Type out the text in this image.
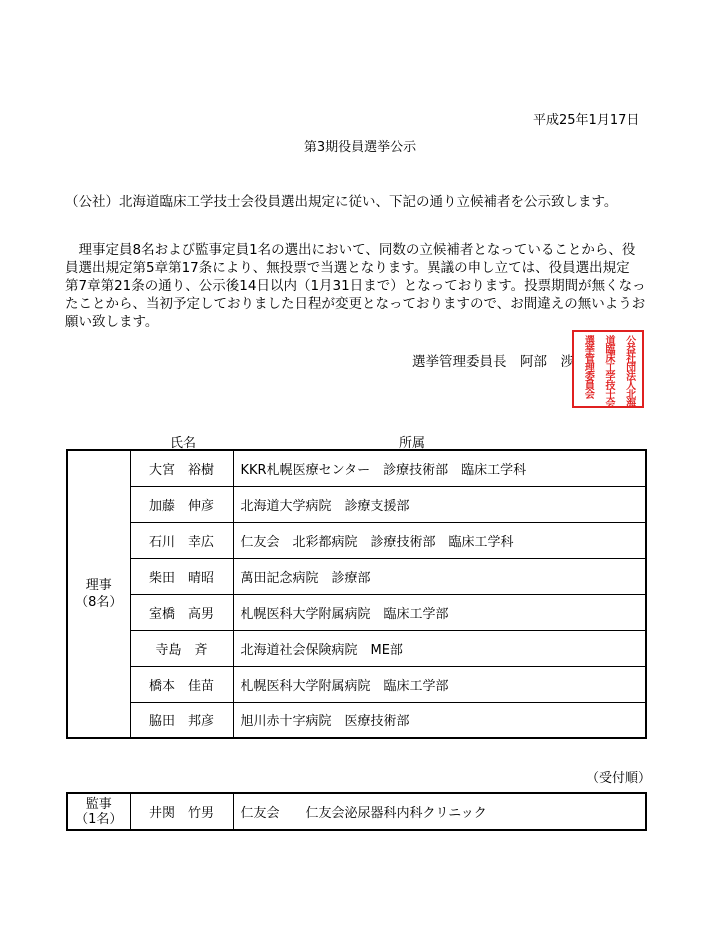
平成25年1月17日
第3期役員選挙公示
（公社）北海道臨床工学技士会役員選出規定に従い、下記の通り立候補者を公示致します。
　理事定員8名および監事定員1名の選出において、同数の立候補者となっていることから、役
員選出規定第5章第17条により、無投票で当選となります。異議の申し立ては、役員選出規定
第7章第21条の通り、公示後14日以内（1月31日まで）となっております。投票期間が無くなっ
たことから、当初予定しておりました日程が変更となっておりますので、お間違えの無いようお
願い致します。
選挙管理委員長　阿部　渉	公益社団法人北海
道臨床工学技士会
選挙管理委員会
氏名	所属
理事
（8名）	大宮　裕樹	KKR札幌医療センター　診療技術部　臨床工学科
	加藤　伸彦	北海道大学病院　診療支援部
	石川　幸広	仁友会　北彩都病院　診療技術部　臨床工学科
	柴田　晴昭	萬田記念病院　診療部
	室橋　高男	札幌医科大学附属病院　臨床工学部
	寺島　斉	北海道社会保険病院　ME部
	橋本　佳苗	札幌医科大学附属病院　臨床工学部
	脇田　邦彦	旭川赤十字病院　医療技術部
（受付順）
監事
（1名）	井関　竹男	仁友会　　仁友会泌尿器科内科クリニック
